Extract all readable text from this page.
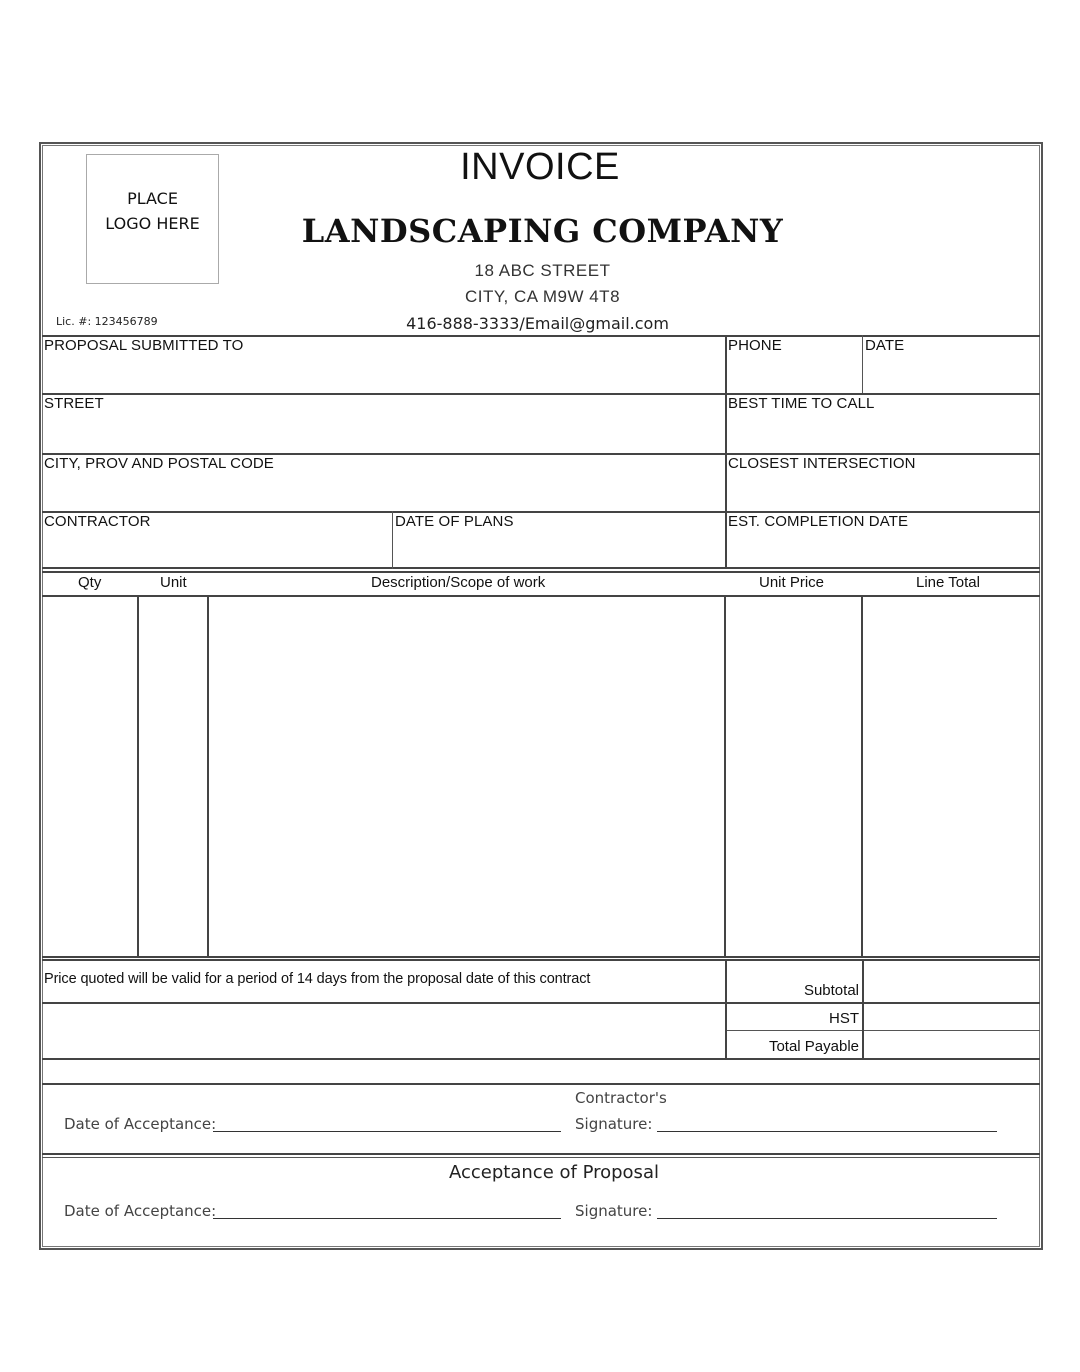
PLACE
LOGO HERE
INVOICE
LANDSCAPING COMPANY
18 ABC STREET
CITY, CA M9W 4T8
416-888-3333/Email@gmail.com
Lic. #: 123456789
PROPOSAL SUBMITTED TO	PHONE	DATE
STREET	BEST TIME TO CALL
CITY, PROV AND POSTAL CODE	CLOSEST INTERSECTION
CONTRACTOR	DATE OF PLANS	EST. COMPLETION DATE
Qty	Unit	Description/Scope of work	Unit Price	Line Total
Price quoted will be valid for a period of 14 days from the proposal date of this contract
Subtotal
HST
Total Payable
Contractor's
Date of Acceptance:	Signature:
Acceptance of Proposal
Date of Acceptance:	Signature:
